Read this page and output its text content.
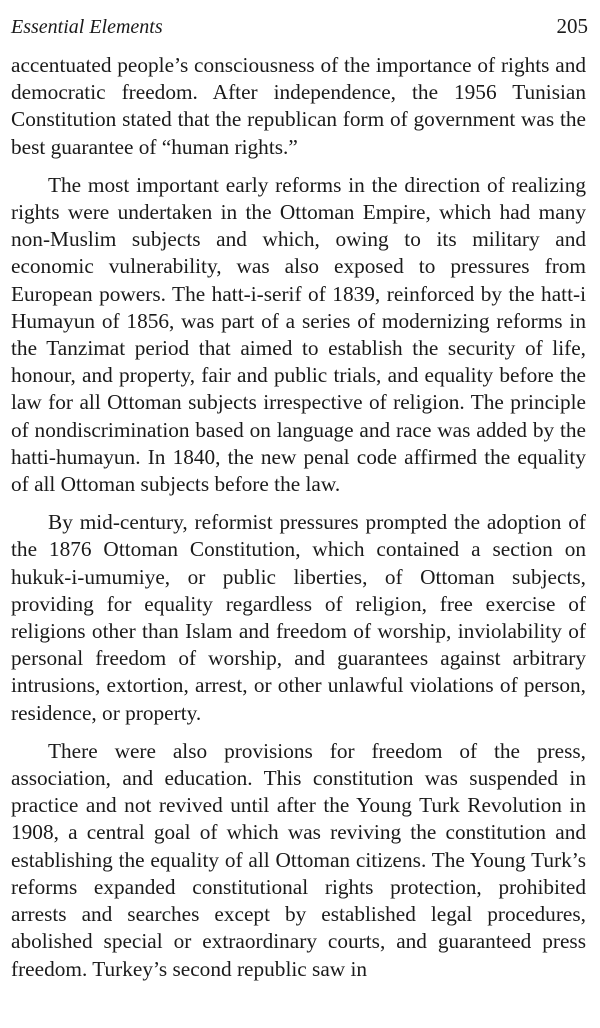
Essential Elements	205

accentuated people’s consciousness of the importance of rights and democratic freedom. After independence, the 1956 Tunisian Constitution stated that the republican form of government was the best guarantee of “human rights.”

The most important early reforms in the direction of realizing rights were undertaken in the Ottoman Empire, which had many non-Muslim subjects and which, owing to its military and economic vulnerability, was also exposed to pressures from European powers. The hatt-i-serif of 1839, reinforced by the hatt-i Humayun of 1856, was part of a series of modernizing reforms in the Tanzimat period that aimed to establish the security of life, honour, and property, fair and public trials, and equality before the law for all Ottoman subjects irrespective of religion. The principle of nondiscrimination based on language and race was added by the hatti-humayun. In 1840, the new penal code affirmed the equality of all Ottoman subjects before the law.

By mid-century, reformist pressures prompted the adoption of the 1876 Ottoman Constitution, which contained a section on hukuk-i-umumiye, or public liberties, of Ottoman subjects, providing for equality regardless of religion, free exercise of religions other than Islam and freedom of worship, inviolability of personal freedom of worship, and guarantees against arbitrary intrusions, extortion, arrest, or other unlawful violations of person, residence, or property.

There were also provisions for freedom of the press, association, and education. This constitution was suspended in practice and not revived until after the Young Turk Revolution in 1908, a central goal of which was reviving the constitution and establishing the equality of all Ottoman citizens. The Young Turk’s reforms expanded constitutional rights protection, prohibited arrests and searches except by established legal procedures, abolished special or extraordinary courts, and guaranteed press freedom. Turkey’s second republic saw in
